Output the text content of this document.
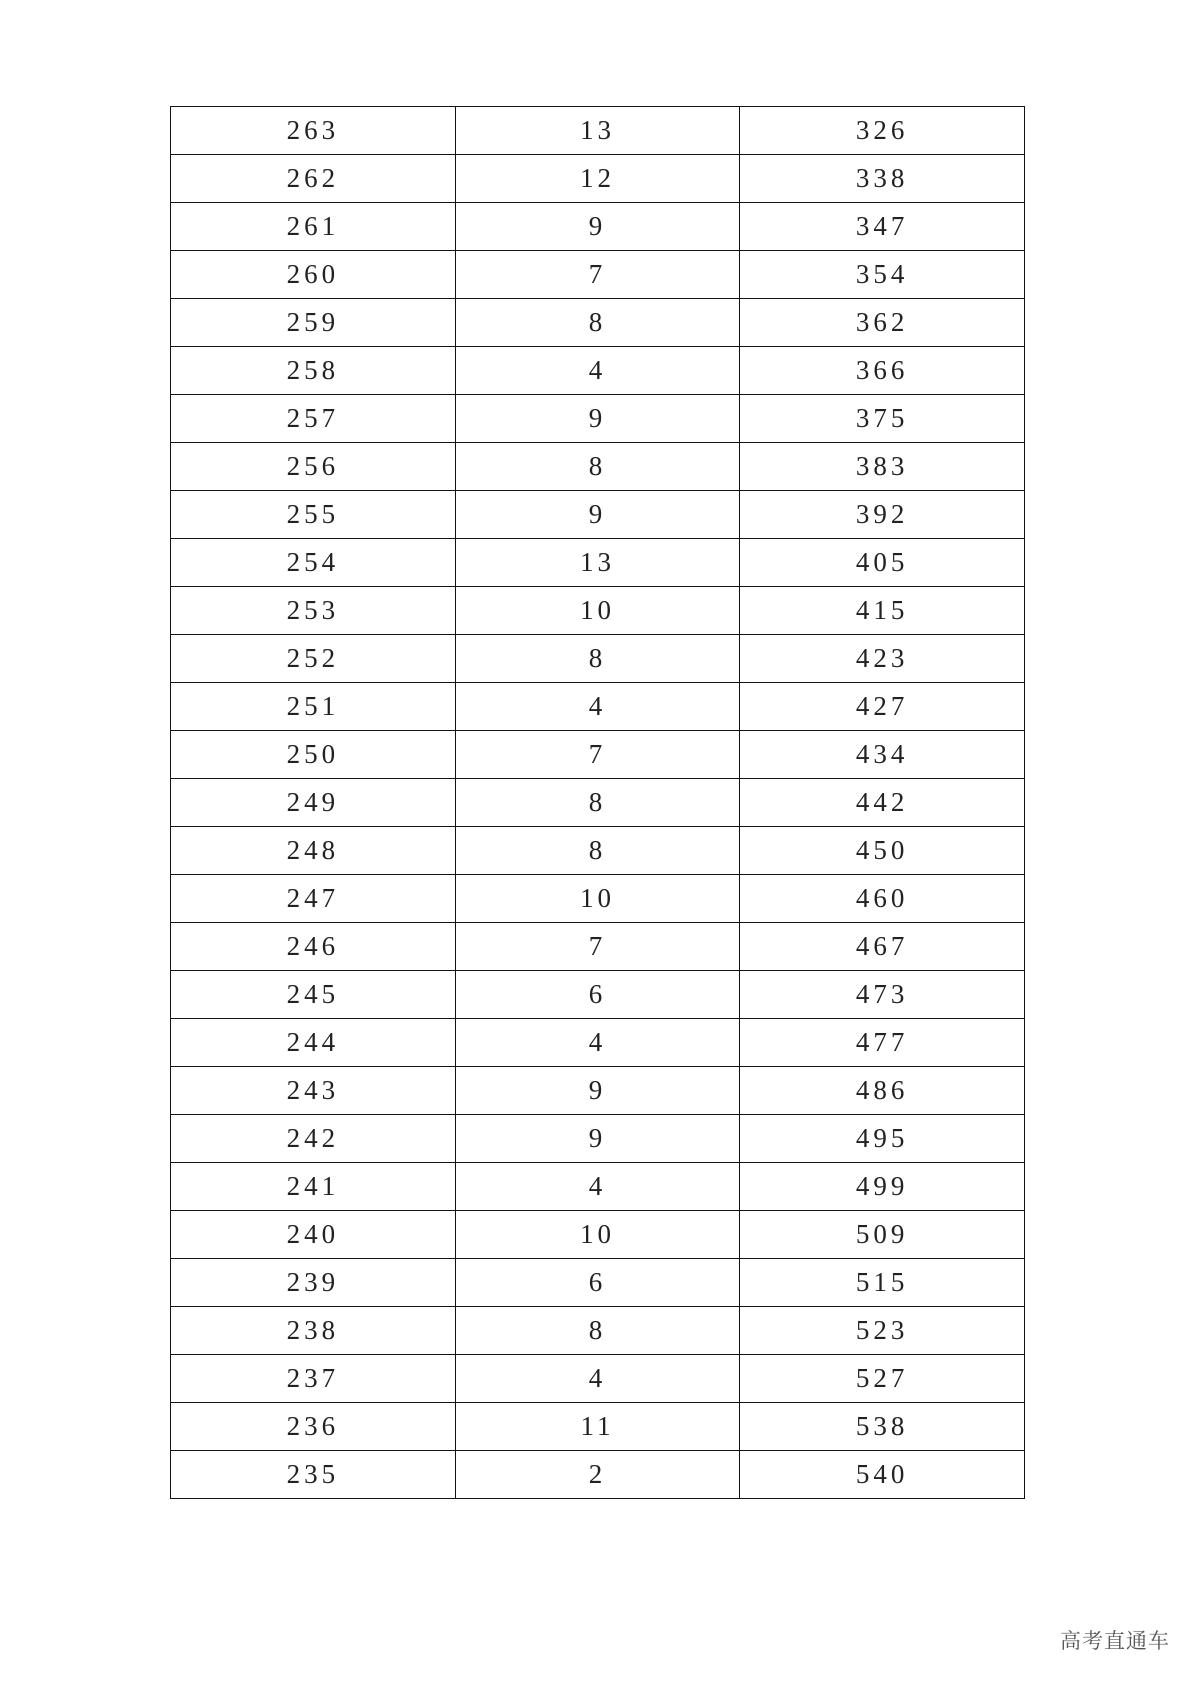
263	13	326
262	12	338
261	9	347
260	7	354
259	8	362
258	4	366
257	9	375
256	8	383
255	9	392
254	13	405
253	10	415
252	8	423
251	4	427
250	7	434
249	8	442
248	8	450
247	10	460
246	7	467
245	6	473
244	4	477
243	9	486
242	9	495
241	4	499
240	10	509
239	6	515
238	8	523
237	4	527
236	11	538
235	2	540
高考直通车
